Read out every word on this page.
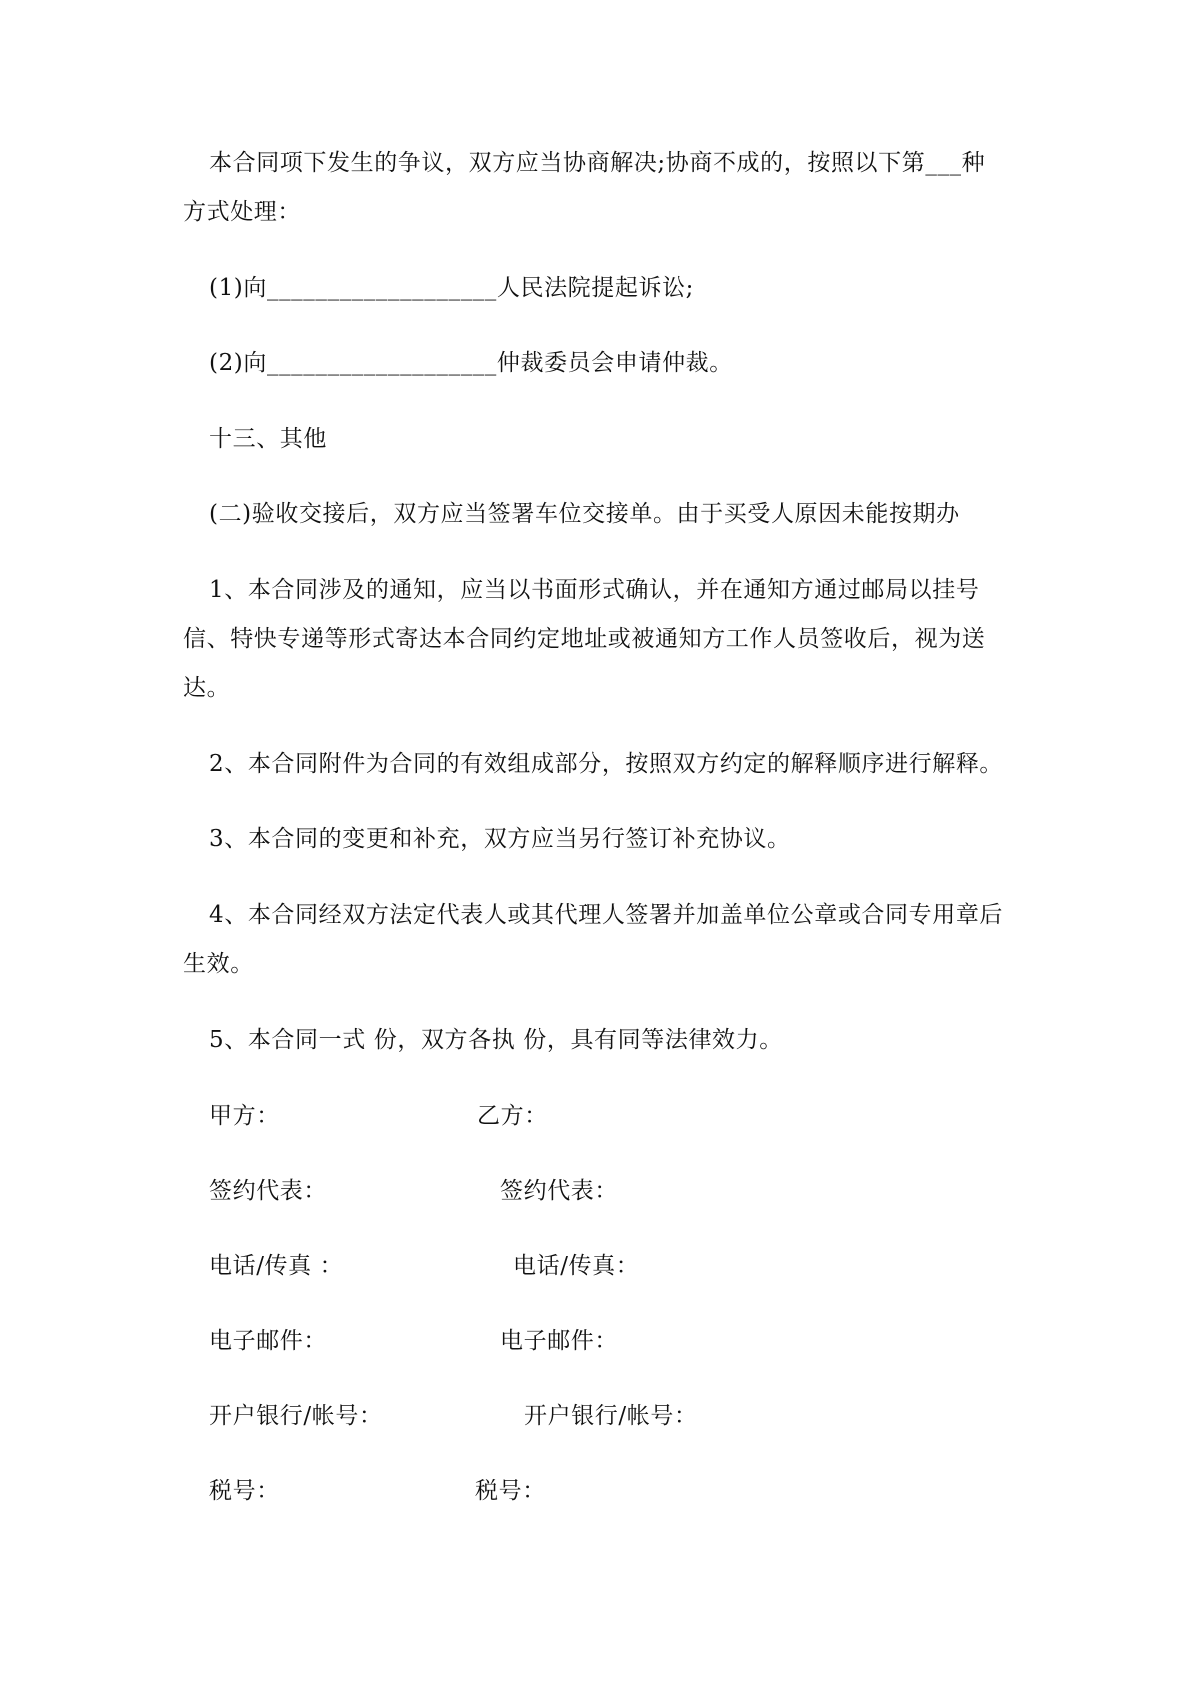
本合同项下发生的争议，双方应当协商解决;协商不成的，按照以下第___种
方式处理：
(1)向___________________人民法院提起诉讼;
(2)向___________________仲裁委员会申请仲裁。
十三、其他
(二)验收交接后，双方应当签署车位交接单。由于买受人原因未能按期办
1、本合同涉及的通知，应当以书面形式确认，并在通知方通过邮局以挂号
信、特快专递等形式寄达本合同约定地址或被通知方工作人员签收后，视为送
达。
2、本合同附件为合同的有效组成部分，按照双方约定的解释顺序进行解释。
3、本合同的变更和补充，双方应当另行签订补充协议。
4、本合同经双方法定代表人或其代理人签署并加盖单位公章或合同专用章后
生效。
5、本合同一式 份，双方各执 份，具有同等法律效力。
甲方：	乙方：
签约代表：	签约代表：
电话/传真 ：	电话/传真：
电子邮件：	电子邮件：
开户银行/帐号：	开户银行/帐号：
税号：	税号：
